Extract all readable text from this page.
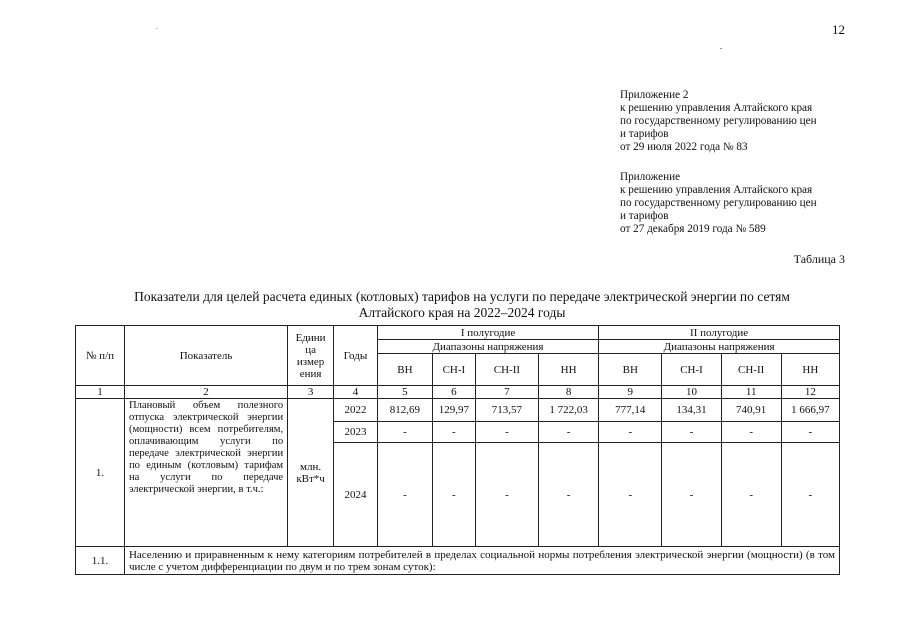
12
Приложение 2
к решению управления Алтайского края
по государственному регулированию цен
и тарифов
от 29 июля 2022 года № 83
Приложение
к решению управления Алтайского края
по государственному регулированию цен
и тарифов
от 27 декабря 2019 года № 589
Таблица 3
Показатели для целей расчета единых (котловых) тарифов на услуги по передаче электрической энергии по сетям
Алтайского края на 2022–2024 годы
№ п/п	Показатель	Едини ца измер ения	Годы	I полугодие				II полугодие			
				Диапазоны напряжения				Диапазоны напряжения			
				ВН	СН-I	СН-II	НН	ВН	СН-I	СН-II	НН
1	2	3	4	5	6	7	8	9	10	11	12
1.	Плановый объем полезного отпуска электрической энергии (мощности) всем потребителям, оплачивающим услуги по передаче электрической энергии по единым (котловым) тарифам на услуги по передаче электрической энергии, в т.ч.:	млн. кВт*ч	2022	812,69	129,97	713,57	1 722,03	777,14	134,31	740,91	1 666,97
			2023	-	-	-	-	-	-	-	-
			2024	-	-	-	-	-	-	-	-
1.1.	Населению и приравненным к нему категориям потребителей в пределах социальной нормы потребления электрической энергии (мощности) (в том числе с учетом дифференциации по двум и по трем зонам суток):										
